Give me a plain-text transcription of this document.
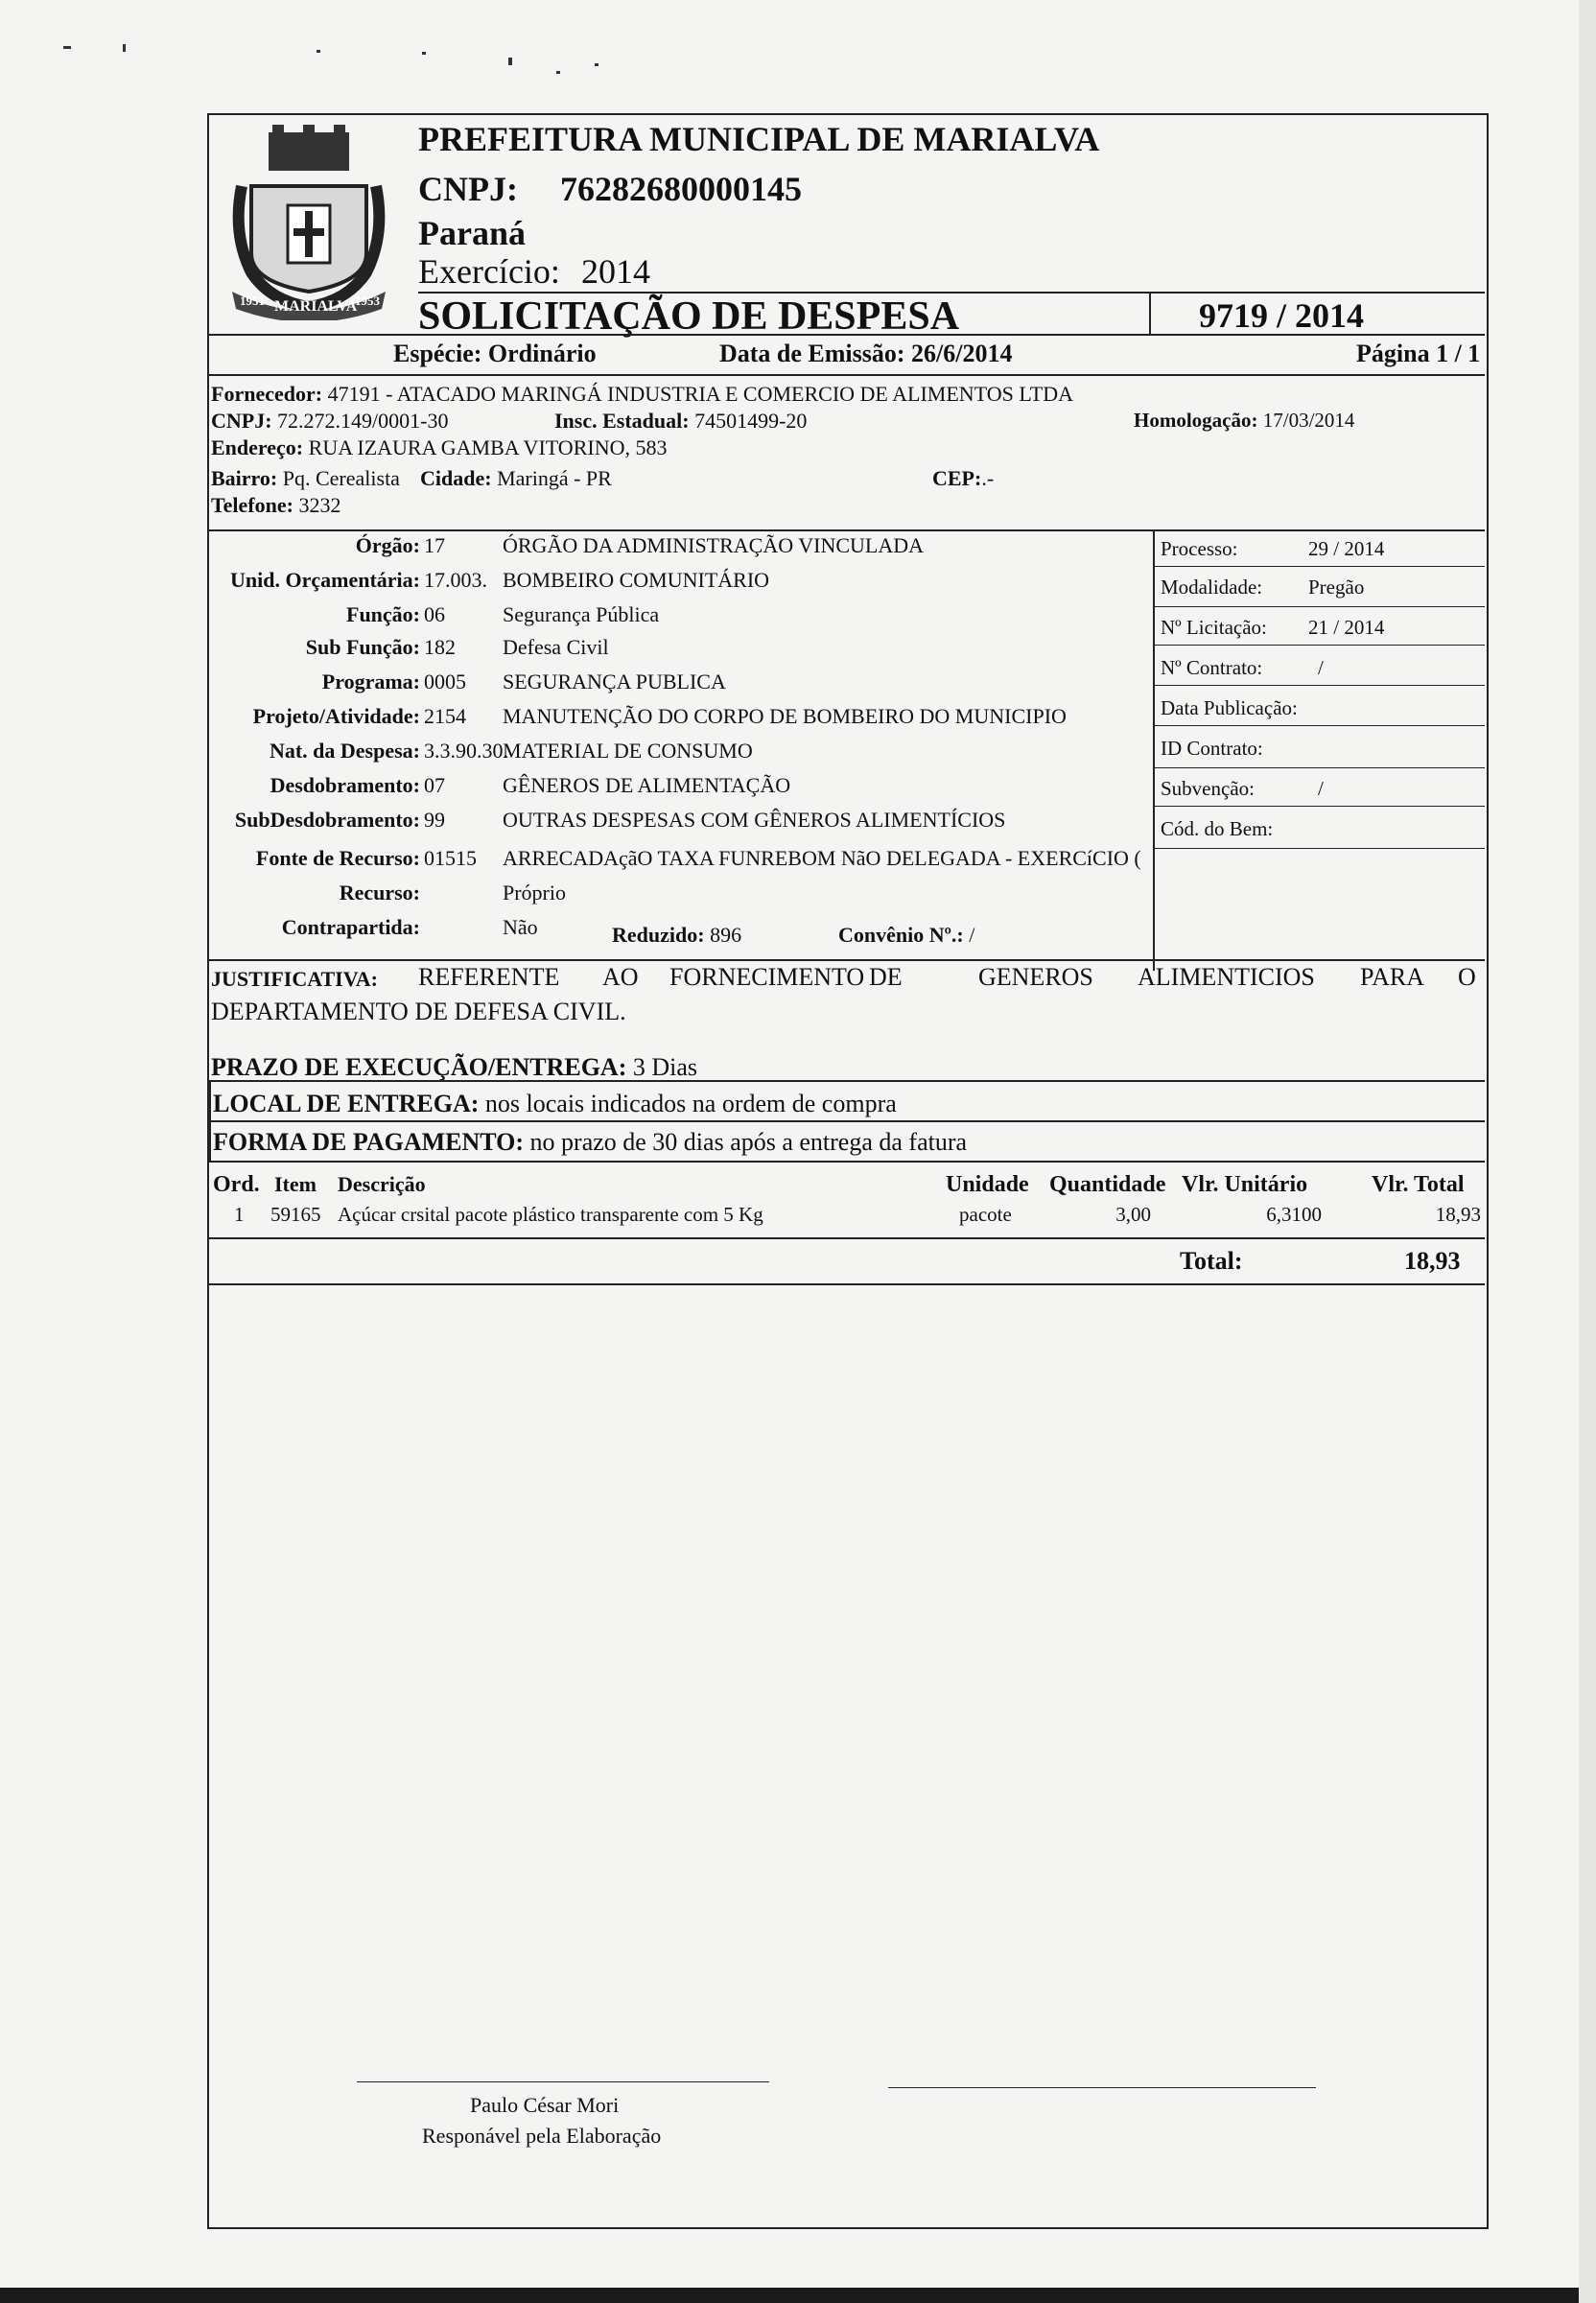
1951 MARIALVA
1953
PREFEITURA MUNICIPAL DE MARIALVA
CNPJ: 76282680000145
Paraná
Exercício: 2014
SOLICITAÇÃO DE DESPESA	9719 / 2014
Espécie: Ordinário	Data de Emissão: 26/6/2014	Página 1 / 1
Fornecedor: 47191 - ATACADO MARINGÁ INDUSTRIA E COMERCIO DE ALIMENTOS LTDA
CNPJ: 72.272.149/0001-30	Insc. Estadual: 74501499-20	Homologação: 17/03/2014
Endereço: RUA IZAURA GAMBA VITORINO, 583
Bairro: Pq. Cerealista Cidade: Maringá - PR	CEP:.-
Telefone: 3232
Órgão: 17	ÓRGÃO DA ADMINISTRAÇÃO VINCULADA
Unid. Orçamentária: 17.003. BOMBEIRO COMUNITÁRIO
Função: 06	Segurança Pública
Sub Função: 182 Defesa Civil
Programa: 0005 SEGURANÇA PUBLICA
Projeto/Atividade: 2154 MANUTENÇÃO DO CORPO DE BOMBEIRO DO MUNICIPIO
Nat. da Despesa: 3.3.90.30.
MATERIAL DE CONSUMO
Desdobramento: 07	GÊNEROS DE ALIMENTAÇÃO
SubDesdobramento: 99	OUTRAS DESPESAS COM GÊNEROS ALIMENTÍCIOS
Fonte de Recurso: 01515 ARRECADAçãO TAXA FUNREBOM NãO DELEGADA - EXERCíCIO (
Recurso:	Próprio
Contrapartida:	Não	Reduzido: 896	Convênio Nº.: /
Processo:	29 / 2014
Modalidade: Pregão
Nº Licitação: 21 / 2014
Nº Contrato:	/
Data Publicação:
ID Contrato:
Subvenção:	/
Cód. do Bem:
JUSTIFICATIVA: REFERENTE AO FORNECIMENTO DE	GENEROS ALIMENTICIOS PARA O
DEPARTAMENTO DE DEFESA CIVIL.
PRAZO DE EXECUÇÃO/ENTREGA: 3 Dias
LOCAL DE ENTREGA: nos locais indicados na ordem de compra
FORMA DE PAGAMENTO: no prazo de 30 dias após a entrega da fatura
Ord. Item Descrição	Unidade Quantidade Vlr. Unitário	Vlr. Total
1 59165 Açúcar crsital pacote plástico transparente com 5 Kg	pacote	3,00	6,3100	18,93
Total:	18,93
Paulo César Mori
Responável pela Elaboração
